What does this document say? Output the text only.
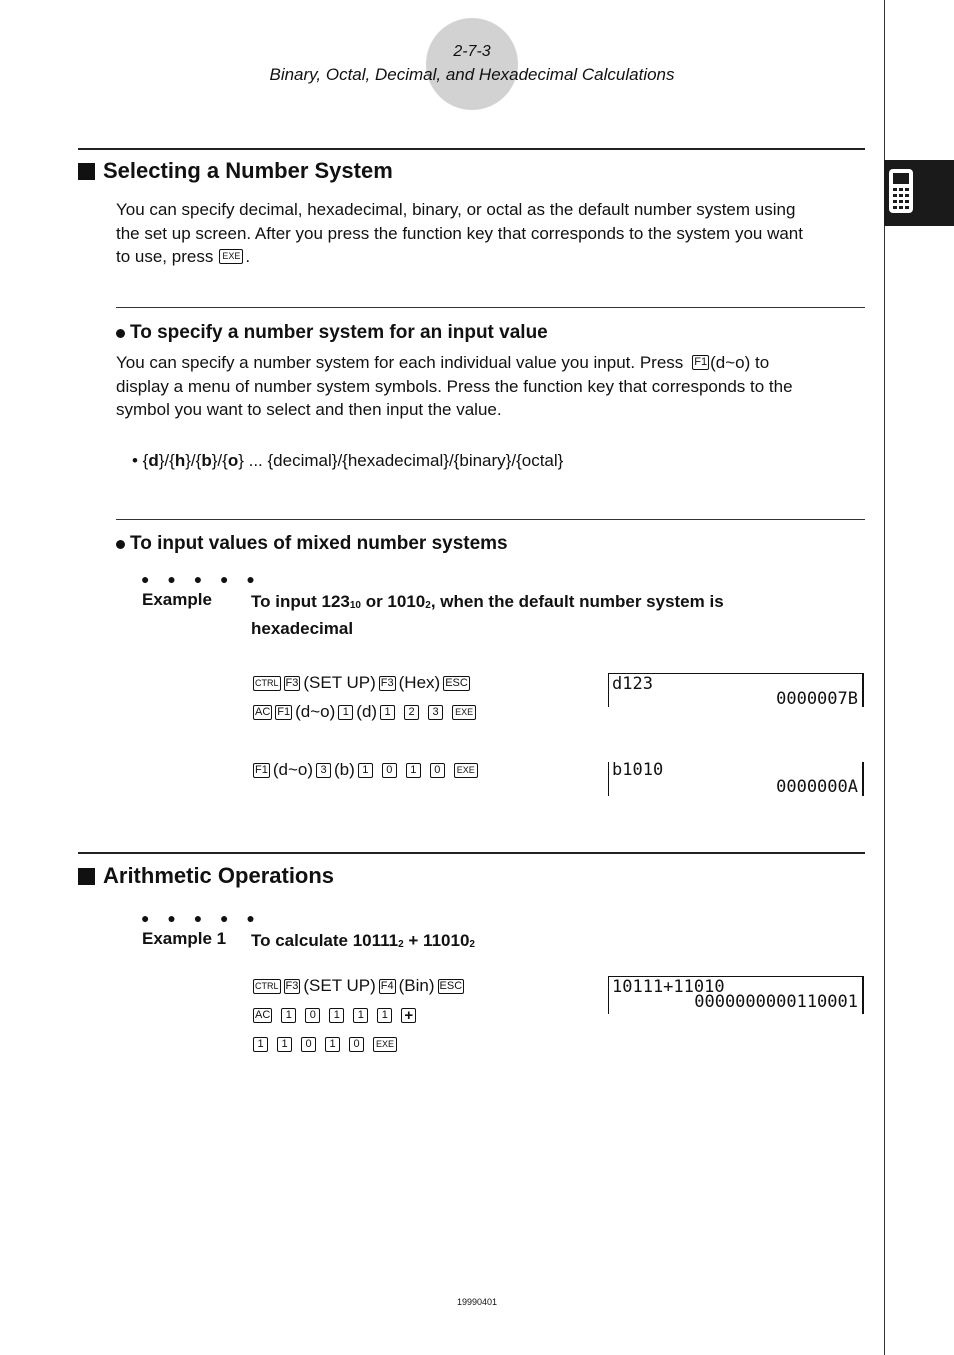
2-7-3
Binary, Octal, Decimal, and Hexadecimal Calculations
Selecting a Number System
You can specify decimal, hexadecimal, binary, or octal as the default number system using
the set up screen. After you press the function key that corresponds to the system you want
to use, press EXE .
To specify a number system for an input value
You can specify a number system for each individual value you input. Press F1 (d~o) to
display a menu of number system symbols. Press the function key that corresponds to the
symbol you want to select and then input the value.
• {d}/{h}/{b}/{o} ... {decimal}/{hexadecimal}/{binary}/{octal}
To input values of mixed number systems
● ● ● ● ●
Example To input $123_{10}$ or $1010_2$, when the default number system is
hexadecimal
CTRL F3 (SET UP) F3 (Hex) ESC
AC F1 (d~o) 1 (d) 1	2	3	EXE
F1 (d~o) 3 (b) 1	0	1	0	EXE
d123
0000007B
b1010
0000000A
Arithmetic Operations
● ● ● ● ●
Example 1 To calculate $10111_2 + 11010_2$
CTRL F3 (SET UP) F4 (Bin) ESC
AC	1	0	1	1	1 +
1	1	0	1	0	EXE
10111+11010
0000000000110001
19990401
